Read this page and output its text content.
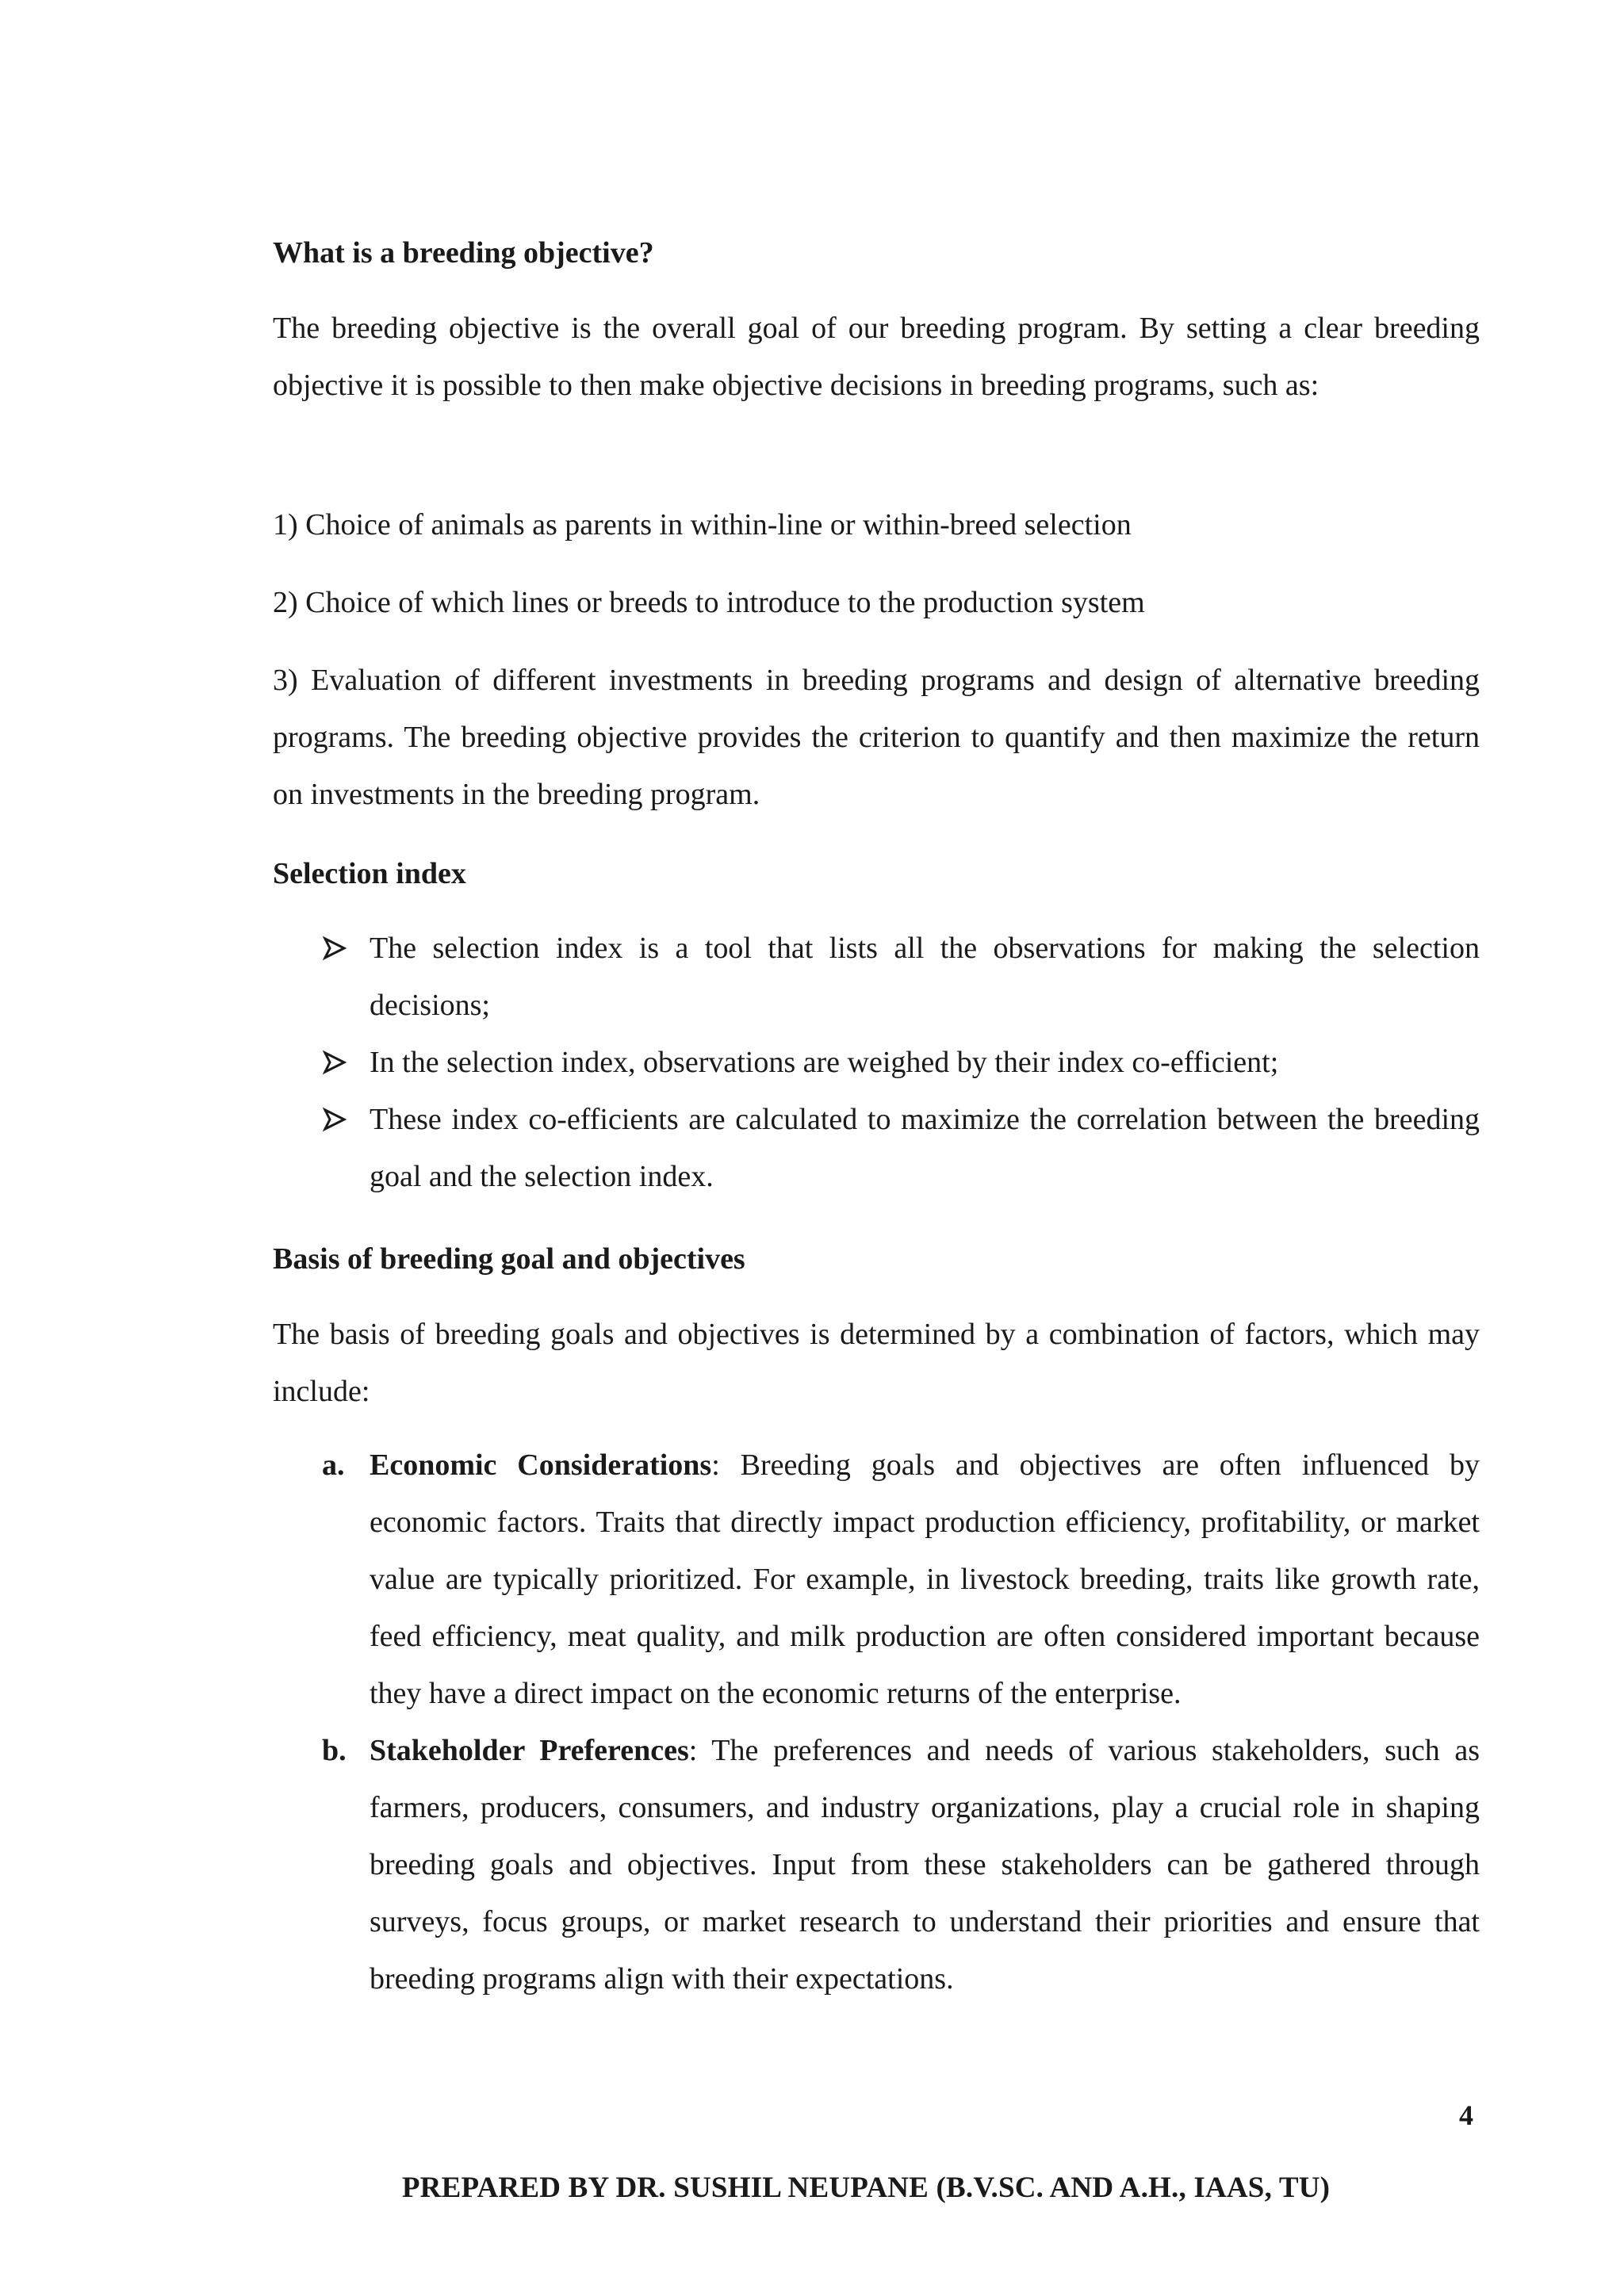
What is a breeding objective?
The breeding objective is the overall goal of our breeding program. By setting a clear breeding objective it is possible to then make objective decisions in breeding programs, such as:
1) Choice of animals as parents in within-line or within-breed selection
2) Choice of which lines or breeds to introduce to the production system
3) Evaluation of different investments in breeding programs and design of alternative breeding programs. The breeding objective provides the criterion to quantify and then maximize the return on investments in the breeding program.
Selection index
The selection index is a tool that lists all the observations for making the selection decisions;
In the selection index, observations are weighed by their index co-efficient;
These index co-efficients are calculated to maximize the correlation between the breeding goal and the selection index.
Basis of breeding goal and objectives
The basis of breeding goals and objectives is determined by a combination of factors, which may include:
a. Economic Considerations: Breeding goals and objectives are often influenced by economic factors. Traits that directly impact production efficiency, profitability, or market value are typically prioritized. For example, in livestock breeding, traits like growth rate, feed efficiency, meat quality, and milk production are often considered important because they have a direct impact on the economic returns of the enterprise.
b. Stakeholder Preferences: The preferences and needs of various stakeholders, such as farmers, producers, consumers, and industry organizations, play a crucial role in shaping breeding goals and objectives. Input from these stakeholders can be gathered through surveys, focus groups, or market research to understand their priorities and ensure that breeding programs align with their expectations.
4
PREPARED BY DR. SUSHIL NEUPANE (B.V.SC. AND A.H., IAAS, TU)
